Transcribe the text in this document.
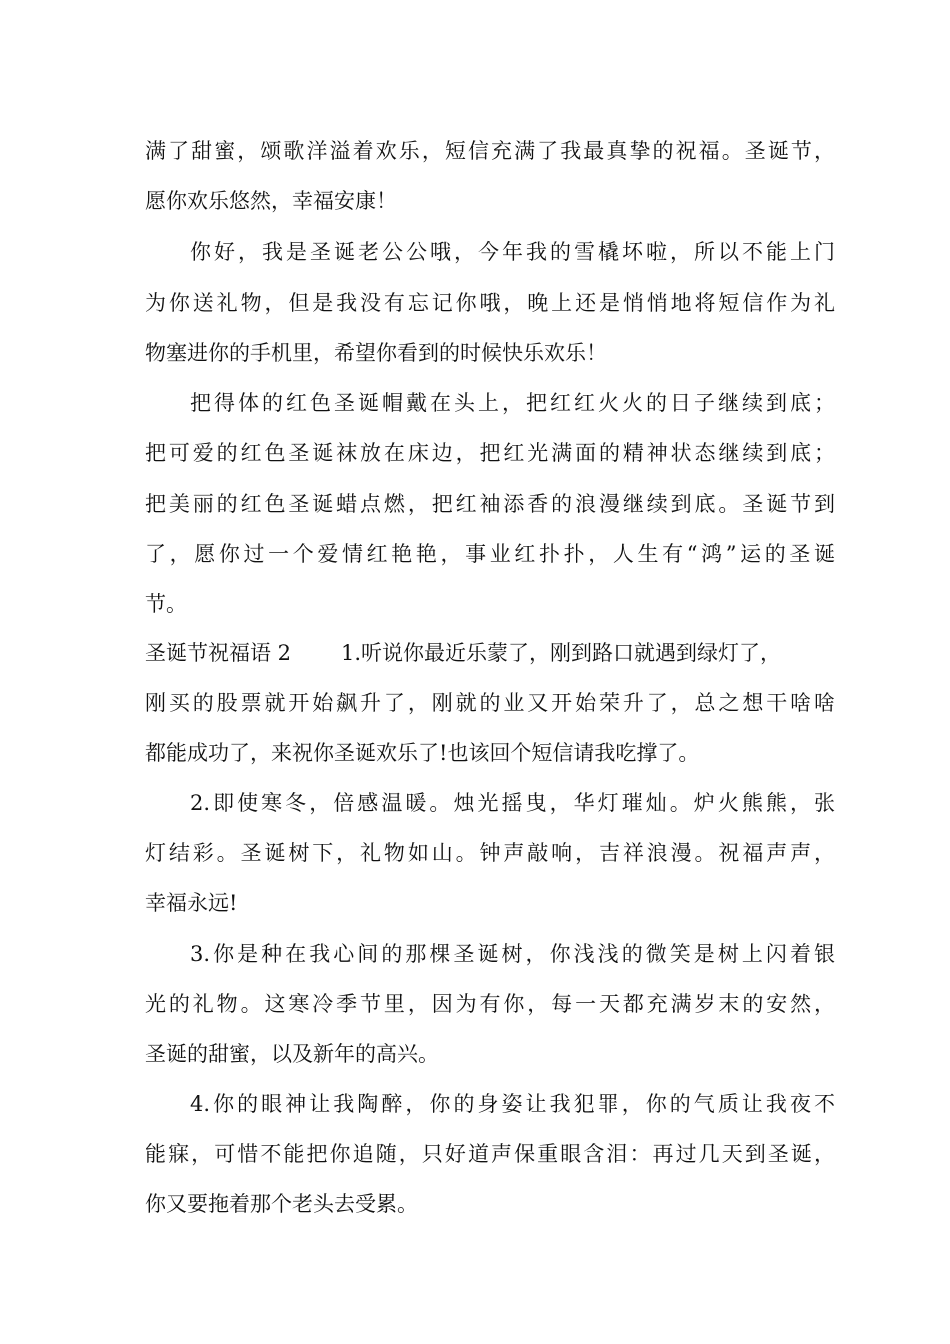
满了甜蜜，颂歌洋溢着欢乐，短信充满了我最真挚的祝福。圣诞节，
愿你欢乐悠然，幸福安康！
你好，我是圣诞老公公哦，今年我的雪橇坏啦，所以不能上门
为你送礼物，但是我没有忘记你哦，晚上还是悄悄地将短信作为礼
物塞进你的手机里，希望你看到的时候快乐欢乐！
把得体的红色圣诞帽戴在头上，把红红火火的日子继续到底；
把可爱的红色圣诞袜放在床边，把红光满面的精神状态继续到底；
把美丽的红色圣诞蜡点燃，把红袖添香的浪漫继续到底。圣诞节到
了，愿你过一个爱情红艳艳，事业红扑扑，人生有“鸿”运的圣诞
节。
圣诞节祝福语 2 1.听说你最近乐蒙了，刚到路口就遇到绿灯了，
刚买的股票就开始飙升了，刚就的业又开始荣升了，总之想干啥啥
都能成功了，来祝你圣诞欢乐了!也该回个短信请我吃撑了。
2.即使寒冬，倍感温暖。烛光摇曳，华灯璀灿。炉火熊熊，张
灯结彩。圣诞树下，礼物如山。钟声敲响，吉祥浪漫。祝福声声，
幸福永远!
3.你是种在我心间的那棵圣诞树，你浅浅的微笑是树上闪着银
光的礼物。这寒冷季节里，因为有你，每一天都充满岁末的安然，
圣诞的甜蜜，以及新年的高兴。
4.你的眼神让我陶醉，你的身姿让我犯罪，你的气质让我夜不
能寐，可惜不能把你追随，只好道声保重眼含泪：再过几天到圣诞，
你又要拖着那个老头去受累。
